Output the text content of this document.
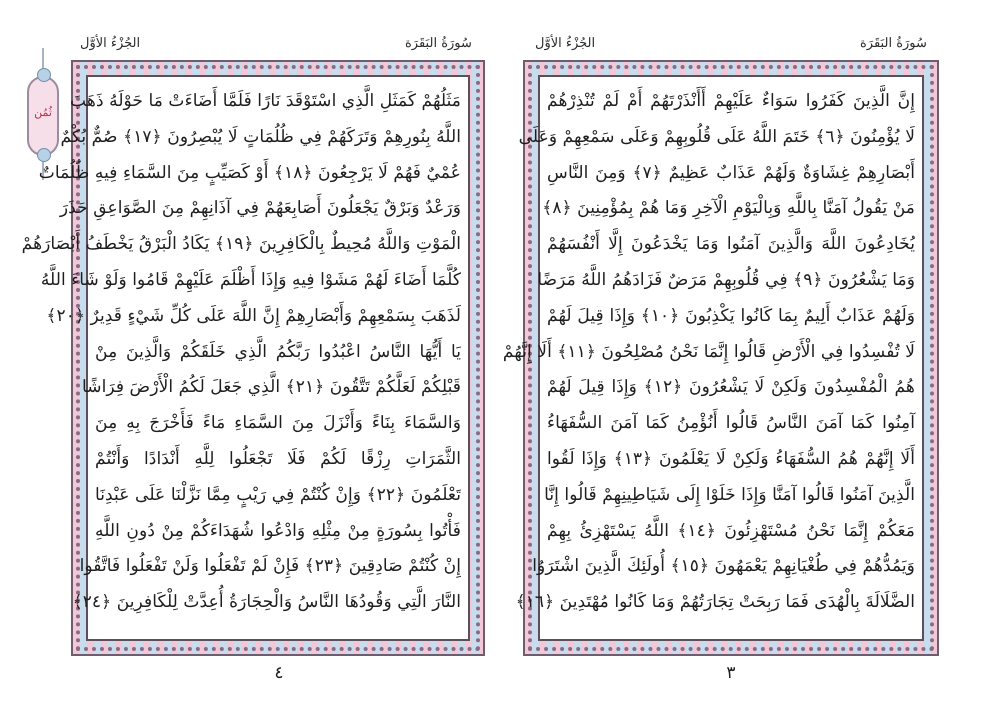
ثُمُن
الجُزْءُ الأوَّل	سُورَةُ البَقَرَة	الجُزْءُ الأوَّل	سُورَةُ البَقَرَة
مَثَلُهُمْ كَمَثَلِ الَّذِي اسْتَوْقَدَ نَارًا فَلَمَّا أَضَاءَتْ مَا حَوْلَهُ ذَهَبَ
اللَّهُ بِنُورِهِمْ وَتَرَكَهُمْ فِي ظُلُمَاتٍ لَا يُبْصِرُونَ ﴿١٧﴾ صُمٌّ بُكْمٌ
عُمْيٌ فَهُمْ لَا يَرْجِعُونَ ﴿١٨﴾ أَوْ كَصَيِّبٍ مِنَ السَّمَاءِ فِيهِ ظُلُمَاتٌ
وَرَعْدٌ وَبَرْقٌ يَجْعَلُونَ أَصَابِعَهُمْ فِي آذَانِهِمْ مِنَ الصَّوَاعِقِ حَذَرَ
الْمَوْتِ وَاللَّهُ مُحِيطٌ بِالْكَافِرِينَ ﴿١٩﴾ يَكَادُ الْبَرْقُ يَخْطَفُ أَبْصَارَهُمْ
كُلَّمَا أَضَاءَ لَهُمْ مَشَوْا فِيهِ وَإِذَا أَظْلَمَ عَلَيْهِمْ قَامُوا وَلَوْ شَاءَ اللَّهُ
لَذَهَبَ بِسَمْعِهِمْ وَأَبْصَارِهِمْ إِنَّ اللَّهَ عَلَى كُلِّ شَيْءٍ قَدِيرٌ ﴿٢٠﴾
يَا أَيُّهَا النَّاسُ اعْبُدُوا رَبَّكُمُ الَّذِي خَلَقَكُمْ وَالَّذِينَ مِنْ
قَبْلِكُمْ لَعَلَّكُمْ تَتَّقُونَ ﴿٢١﴾ الَّذِي جَعَلَ لَكُمُ الْأَرْضَ فِرَاشًا
وَالسَّمَاءَ بِنَاءً وَأَنْزَلَ مِنَ السَّمَاءِ مَاءً فَأَخْرَجَ بِهِ مِنَ
الثَّمَرَاتِ رِزْقًا لَكُمْ فَلَا تَجْعَلُوا لِلَّهِ أَنْدَادًا وَأَنْتُمْ
تَعْلَمُونَ ﴿٢٢﴾ وَإِنْ كُنْتُمْ فِي رَيْبٍ مِمَّا نَزَّلْنَا عَلَى عَبْدِنَا
فَأْتُوا بِسُورَةٍ مِنْ مِثْلِهِ وَادْعُوا شُهَدَاءَكُمْ مِنْ دُونِ اللَّهِ
إِنْ كُنْتُمْ صَادِقِينَ ﴿٢٣﴾ فَإِنْ لَمْ تَفْعَلُوا وَلَنْ تَفْعَلُوا فَاتَّقُوا
النَّارَ الَّتِي وَقُودُهَا النَّاسُ وَالْحِجَارَةُ أُعِدَّتْ لِلْكَافِرِينَ ﴿٢٤﴾
إِنَّ الَّذِينَ كَفَرُوا سَوَاءٌ عَلَيْهِمْ أَأَنْذَرْتَهُمْ أَمْ لَمْ تُنْذِرْهُمْ
لَا يُؤْمِنُونَ ﴿٦﴾ خَتَمَ اللَّهُ عَلَى قُلُوبِهِمْ وَعَلَى سَمْعِهِمْ وَعَلَى
أَبْصَارِهِمْ غِشَاوَةٌ وَلَهُمْ عَذَابٌ عَظِيمٌ ﴿٧﴾ وَمِنَ النَّاسِ
مَنْ يَقُولُ آمَنَّا بِاللَّهِ وَبِالْيَوْمِ الْآخِرِ وَمَا هُمْ بِمُؤْمِنِينَ ﴿٨﴾
يُخَادِعُونَ اللَّهَ وَالَّذِينَ آمَنُوا وَمَا يَخْدَعُونَ إِلَّا أَنْفُسَهُمْ
وَمَا يَشْعُرُونَ ﴿٩﴾ فِي قُلُوبِهِمْ مَرَضٌ فَزَادَهُمُ اللَّهُ مَرَضًا
وَلَهُمْ عَذَابٌ أَلِيمٌ بِمَا كَانُوا يَكْذِبُونَ ﴿١٠﴾ وَإِذَا قِيلَ لَهُمْ
لَا تُفْسِدُوا فِي الْأَرْضِ قَالُوا إِنَّمَا نَحْنُ مُصْلِحُونَ ﴿١١﴾ أَلَا إِنَّهُمْ
هُمُ الْمُفْسِدُونَ وَلَكِنْ لَا يَشْعُرُونَ ﴿١٢﴾ وَإِذَا قِيلَ لَهُمْ
آمِنُوا كَمَا آمَنَ النَّاسُ قَالُوا أَنُؤْمِنُ كَمَا آمَنَ السُّفَهَاءُ
أَلَا إِنَّهُمْ هُمُ السُّفَهَاءُ وَلَكِنْ لَا يَعْلَمُونَ ﴿١٣﴾ وَإِذَا لَقُوا
الَّذِينَ آمَنُوا قَالُوا آمَنَّا وَإِذَا خَلَوْا إِلَى شَيَاطِينِهِمْ قَالُوا إِنَّا
مَعَكُمْ إِنَّمَا نَحْنُ مُسْتَهْزِئُونَ ﴿١٤﴾ اللَّهُ يَسْتَهْزِئُ بِهِمْ
وَيَمُدُّهُمْ فِي طُغْيَانِهِمْ يَعْمَهُونَ ﴿١٥﴾ أُولَئِكَ الَّذِينَ اشْتَرَوُا
الضَّلَالَةَ بِالْهُدَى فَمَا رَبِحَتْ تِجَارَتُهُمْ وَمَا كَانُوا مُهْتَدِينَ ﴿١٦﴾
٤	٣
